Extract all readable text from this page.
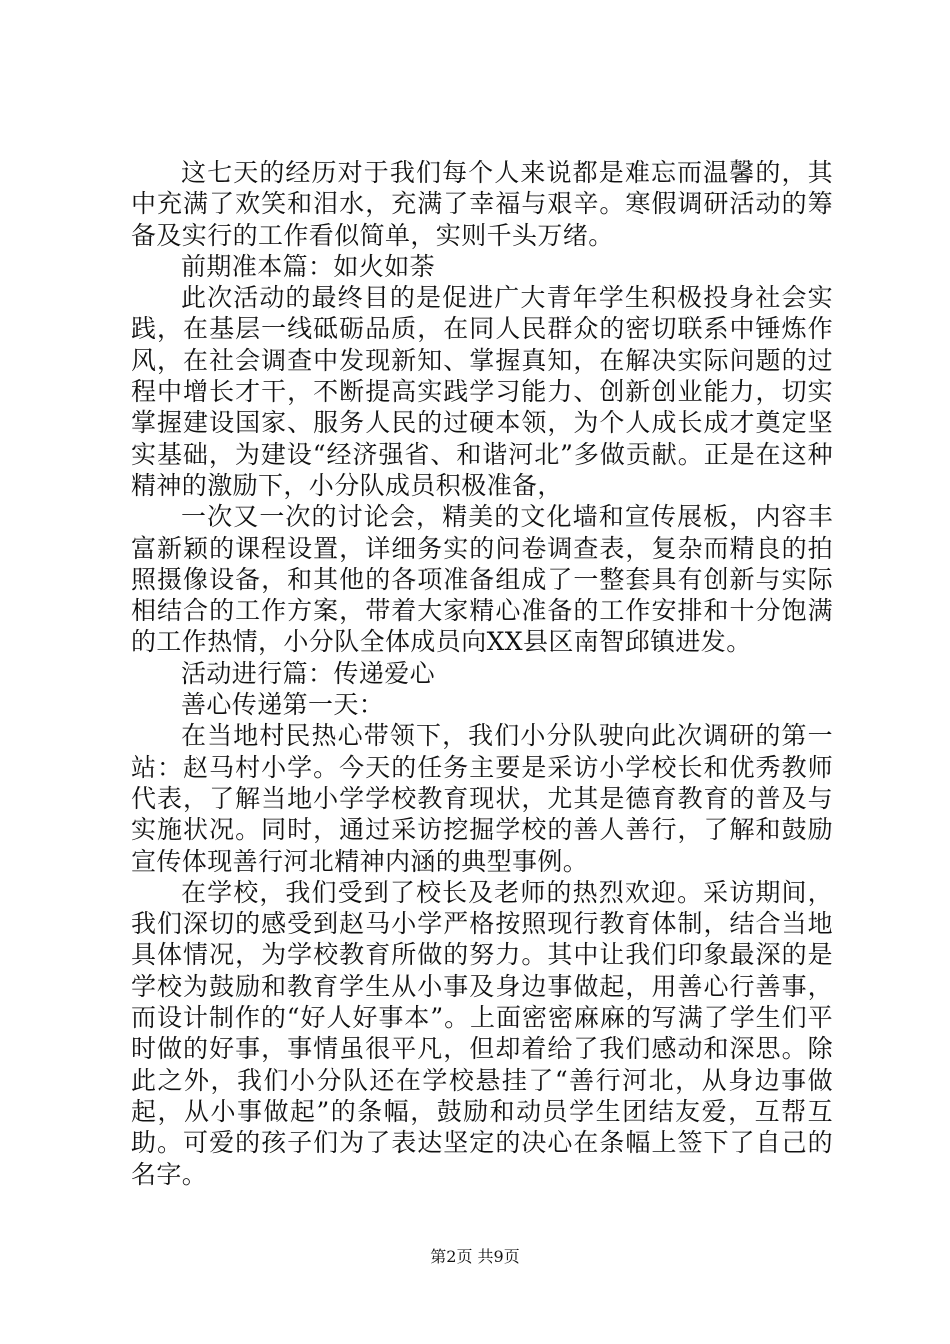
这七天的经历对于我们每个人来说都是难忘而温馨的，其中充满了欢笑和泪水，充满了幸福与艰辛。寒假调研活动的筹备及实行的工作看似简单，实则千头万绪。

前期准本篇：如火如荼

此次活动的最终目的是促进广大青年学生积极投身社会实践，在基层一线砥砺品质，在同人民群众的密切联系中锤炼作风，在社会调查中发现新知、掌握真知，在解决实际问题的过程中增长才干，不断提高实践学习能力、创新创业能力，切实掌握建设国家、服务人民的过硬本领，为个人成长成才奠定坚实基础，为建设“经济强省、和谐河北”多做贡献。正是在这种精神的激励下，小分队成员积极准备，

一次又一次的讨论会，精美的文化墙和宣传展板，内容丰富新颖的课程设置，详细务实的问卷调查表，复杂而精良的拍照摄像设备，和其他的各项准备组成了一整套具有创新与实际相结合的工作方案，带着大家精心准备的工作安排和十分饱满的工作热情，小分队全体成员向XX县区南智邱镇进发。

活动进行篇：传递爱心

善心传递第一天：

在当地村民热心带领下，我们小分队驶向此次调研的第一站：赵马村小学。今天的任务主要是采访小学校长和优秀教师代表，了解当地小学学校教育现状，尤其是德育教育的普及与实施状况。同时，通过采访挖掘学校的善人善行，了解和鼓励宣传体现善行河北精神内涵的典型事例。

在学校，我们受到了校长及老师的热烈欢迎。采访期间，我们深切的感受到赵马小学严格按照现行教育体制，结合当地具体情况，为学校教育所做的努力。其中让我们印象最深的是学校为鼓励和教育学生从小事及身边事做起，用善心行善事，而设计制作的“好人好事本”。上面密密麻麻的写满了学生们平时做的好事，事情虽很平凡，但却着给了我们感动和深思。除此之外，我们小分队还在学校悬挂了“善行河北，从身边事做起，从小事做起”的条幅，鼓励和动员学生团结友爱，互帮互助。可爱的孩子们为了表达坚定的决心在条幅上签下了自己的名字。

第2页 共9页
